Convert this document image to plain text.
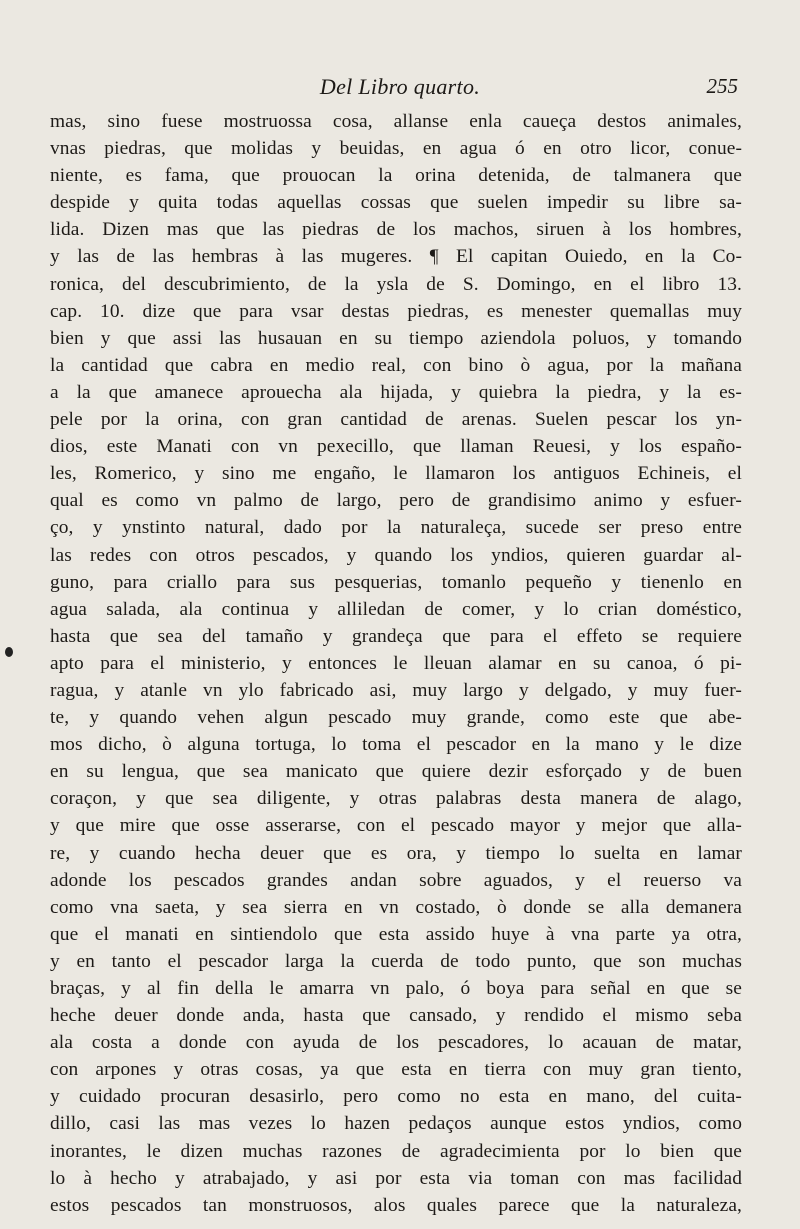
Del Libro quarto.	255
mas, sino fuese mostruossa cosa, allanse enla caueça destos animales,
vnas piedras, que molidas y beuidas, en agua ó en otro licor, conue-
niente, es fama, que prouocan la orina detenida, de talmanera que
despide y quita todas aquellas cossas que suelen impedir su libre sa-
lida. Dizen mas que las piedras de los machos, siruen à los hombres,
y las de las hembras à las mugeres. ¶ El capitan Ouiedo, en la Co-
ronica, del descubrimiento, de la ysla de S. Domingo, en el libro 13.
cap. 10. dize que para vsar destas piedras, es menester quemallas muy
bien y que assi las husauan en su tiempo aziendola poluos, y tomando
la cantidad que cabra en medio real, con bino ò agua, por la mañana
a la que amanece aprouecha ala hijada, y quiebra la piedra, y la es-
pele por la orina, con gran cantidad de arenas. Suelen pescar los yn-
dios, este Manati con vn pexecillo, que llaman Reuesi, y los españo-
les, Romerico, y sino me engaño, le llamaron los antiguos Echineis, el
qual es como vn palmo de largo, pero de grandisimo animo y esfuer-
ço, y ynstinto natural, dado por la naturaleça, sucede ser preso entre
las redes con otros pescados, y quando los yndios, quieren guardar al-
guno, para criallo para sus pesquerias, tomanlo pequeño y tienenlo en
agua salada, ala continua y alliledan de comer, y lo crian doméstico,
hasta que sea del tamaño y grandeça que para el effeto se requiere
apto para el ministerio, y entonces le lleuan alamar en su canoa, ó pi-
ragua, y atanle vn ylo fabricado asi, muy largo y delgado, y muy fuer-
te, y quando vehen algun pescado muy grande, como este que abe-
mos dicho, ò alguna tortuga, lo toma el pescador en la mano y le dize
en su lengua, que sea manicato que quiere dezir esforçado y de buen
coraçon, y que sea diligente, y otras palabras desta manera de alago,
y que mire que osse asserarse, con el pescado mayor y mejor que alla-
re, y cuando hecha deuer que es ora, y tiempo lo suelta en lamar
adonde los pescados grandes andan sobre aguados, y el reuerso va
como vna saeta, y sea sierra en vn costado, ò donde se alla demanera
que el manati en sintiendolo que esta assido huye à vna parte ya otra,
y en tanto el pescador larga la cuerda de todo punto, que son muchas
braças, y al fin della le amarra vn palo, ó boya para señal en que se
heche deuer donde anda, hasta que cansado, y rendido el mismo seba
ala costa a donde con ayuda de los pescadores, lo acauan de matar,
con arpones y otras cosas, ya que esta en tierra con muy gran tiento,
y cuidado procuran desasirlo, pero como no esta en mano, del cuita-
dillo, casi las mas vezes lo hazen pedaços aunque estos yndios, como
inorantes, le dizen muchas razones de agradecimienta por lo bien que
lo à hecho y atrabajado, y asi por esta via toman con mas facilidad
estos pescados tan monstruosos, alos quales parece que la naturaleza,
